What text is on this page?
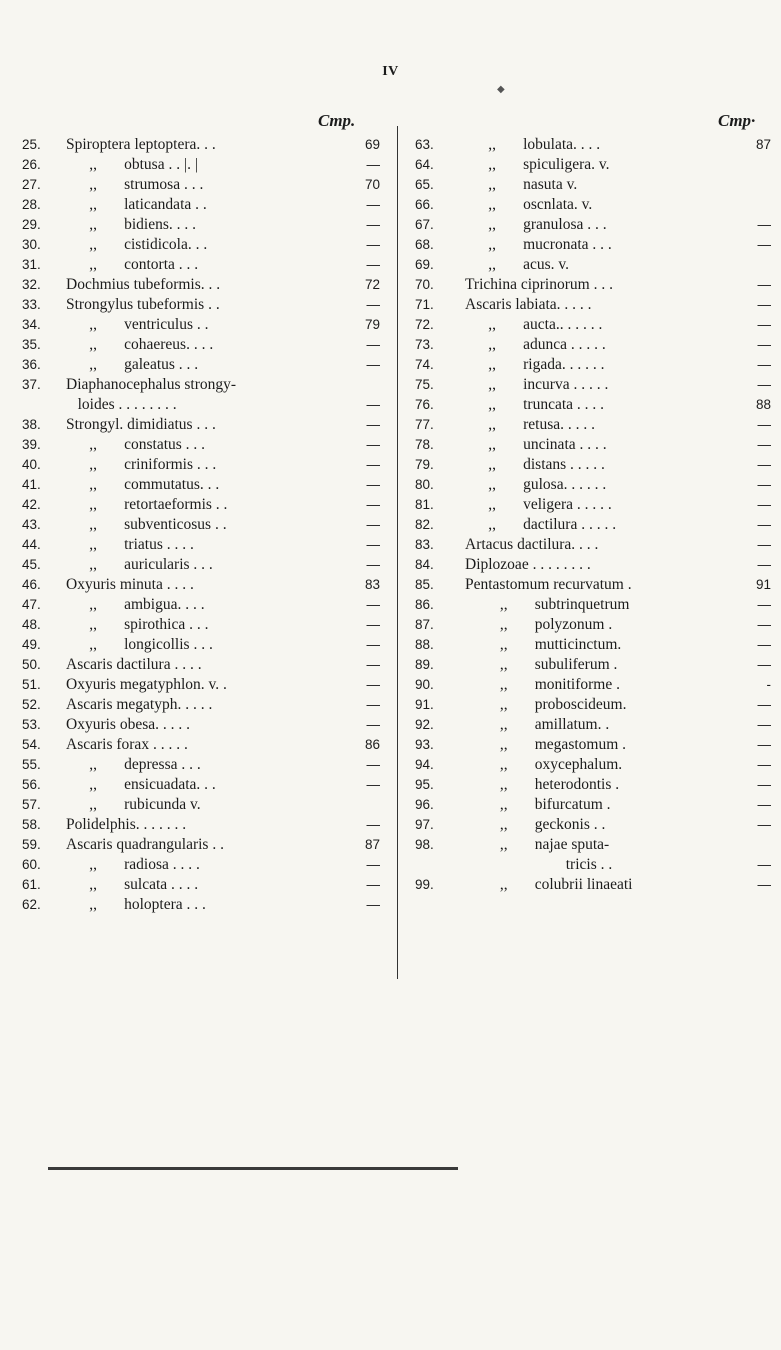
IV
◆
Cmp.
25.	Spiroptera leptoptera. . .	69
26.	,,       obtusa . . |. |	—
27.	,,       strumosa . . .	70
28.	,,       laticandata . .	—
29.	,,       bidiens. . . .	—
30.	,,       cistidicola. . .	—
31.	,,       contorta . . .	—
32.	Dochmius tubeformis. . .	72
33.	Strongylus tubeformis . .	—
34.	,,       ventriculus . .	79
35.	,,       cohaereus. . . .	—
36.	,,       galeatus . . .	—
37.	Diaphanocephalus strongy-
loides . . . . . . . .	—
38.	Strongyl. dimidiatus . . .	—
39.	,,       constatus . . .	—
40.	,,       criniformis . . .	—
41.	,,       commutatus. . .	—
42.	,,       retortaeformis . .	—
43.	,,       subventicosus . .	—
44.	,,       triatus . . . .	—
45.	,,       auricularis . . .	—
46.	Oxyuris minuta . . . .	83
47.	,,       ambigua. . . .	—
48.	,,       spirothica . . .	—
49.	,,       longicollis . . .	—
50.	Ascaris dactilura . . . .	—
51.	Oxyuris megatyphlon. v. .	—
52.	Ascaris megatyph. . . . .	—
53.	Oxyuris obesa. . . . .	—
54.	Ascaris forax . . . . .	86
55.	,,       depressa . . .	—
56.	,,       ensicuadata. . .	—
57.	,,       rubicunda v.
58.	Polidelphis. . . . . . .	—
59.	Ascaris quadrangularis . .	87
60.	,,       radiosa . . . .	—
61.	,,       sulcata . . . .	—
62.	,,       holoptera . . .	—
Cmp·
63.	,,       lobulata. . . .	87
64.	,,       spiculigera. v.
65.	,,       nasuta v.
66.	,,       oscnlata. v.
67.	,,       granulosa . . .	—
68.	,,       mucronata . . .	—
69.	,,       acus. v.
70.	Trichina ciprinorum . . .	—
71.	Ascaris labiata. . . . .	—
72.	,,       aucta.. . . . . .	—
73.	,,       adunca . . . . .	—
74.	,,       rigada. . . . . .	—
75.	,,       incurva . . . . .	—
76.	,,       truncata . . . .	88
77.	,,       retusa. . . . .	—
78.	,,       uncinata . . . .	—
79.	,,       distans . . . . .	—
80.	,,       gulosa. . . . . .	—
81.	,,       veligera . . . . .	—
82.	,,       dactilura . . . . .	—
83.	Artacus dactilura. . . .	—
84.	Diplozoae . . . . . . . .	—
85.	Pentastomum recurvatum .	91
86.	,,       subtrinquetrum	—
87.	,,       polyzonum .	—
88.	,,       mutticinctum.	—
89.	,,       subuliferum .	—
90.	,,       monitiforme .	-
91.	,,       proboscideum.	—
92.	,,       amillatum. .	—
93.	,,       megastomum .	—
94.	,,       oxycephalum.	—
95.	,,       heterodontis .	—
96.	,,       bifurcatum .	—
97.	,,       geckonis . .	—
98.	,,       najae sputa-
tricis . .	—
99.	,,       colubrii linaeati	—
